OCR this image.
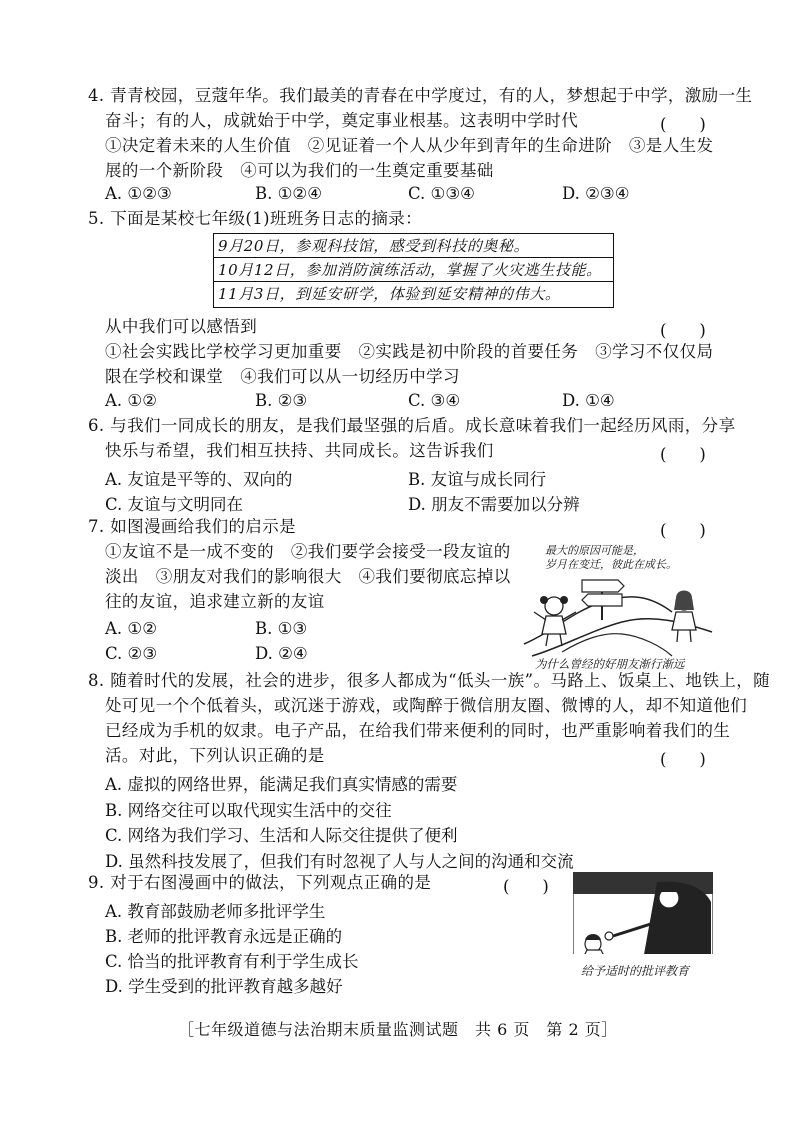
4. 青青校园，豆蔻年华。我们最美的青春在中学度过，有的人，梦想起于中学，激励一生
奋斗；有的人，成就始于中学，奠定事业根基。这表明中学时代	(　　)
①决定着未来的人生价值　②见证着一个人从少年到青年的生命进阶　③是人生发
展的一个新阶段　④可以为我们的一生奠定重要基础
A. ①②③	B. ①②④	C. ①③④	D. ②③④
5. 下面是某校七年级(1)班班务日志的摘录：
9月20日，参观科技馆，感受到科技的奥秘。
10月12日，参加消防演练活动，掌握了火灾逃生技能。
11月3日，到延安研学，体验到延安精神的伟大。
从中我们可以感悟到	(　　)
①社会实践比学校学习更加重要　②实践是初中阶段的首要任务　③学习不仅仅局
限在学校和课堂　④我们可以从一切经历中学习
A. ①②	B. ②③	C. ③④	D. ①④
6. 与我们一同成长的朋友，是我们最坚强的后盾。成长意味着我们一起经历风雨，分享
快乐与希望，我们相互扶持、共同成长。这告诉我们	(　　)
A. 友谊是平等的、双向的	B. 友谊与成长同行
C. 友谊与文明同在	D. 朋友不需要加以分辨
7. 如图漫画给我们的启示是	(　　)
①友谊不是一成不变的　②我们要学会接受一段友谊的
淡出　③朋友对我们的影响很大　④我们要彻底忘掉以
往的友谊，追求建立新的友谊
A. ①②	B. ①③
C. ②③	D. ②④
最大的原因可能是，
岁月在变迁，彼此在成长。
为什么曾经的好朋友渐行渐远
8. 随着时代的发展，社会的进步，很多人都成为“低头一族”。马路上、饭桌上、地铁上，随
处可见一个个低着头，或沉迷于游戏，或陶醉于微信朋友圈、微博的人，却不知道他们
已经成为手机的奴隶。电子产品，在给我们带来便利的同时，也严重影响着我们的生
活。对此，下列认识正确的是	(　　)
A. 虚拟的网络世界，能满足我们真实情感的需要
B. 网络交往可以取代现实生活中的交往
C. 网络为我们学习、生活和人际交往提供了便利
D. 虽然科技发展了，但我们有时忽视了人与人之间的沟通和交流
9. 对于右图漫画中的做法，下列观点正确的是	(　　)
A. 教育部鼓励老师多批评学生
B. 老师的批评教育永远是正确的
C. 恰当的批评教育有利于学生成长
D. 学生受到的批评教育越多越好
给予适时的批评教育
［七年级道德与法治期末质量监测试题　共 6 页　第 2 页］
